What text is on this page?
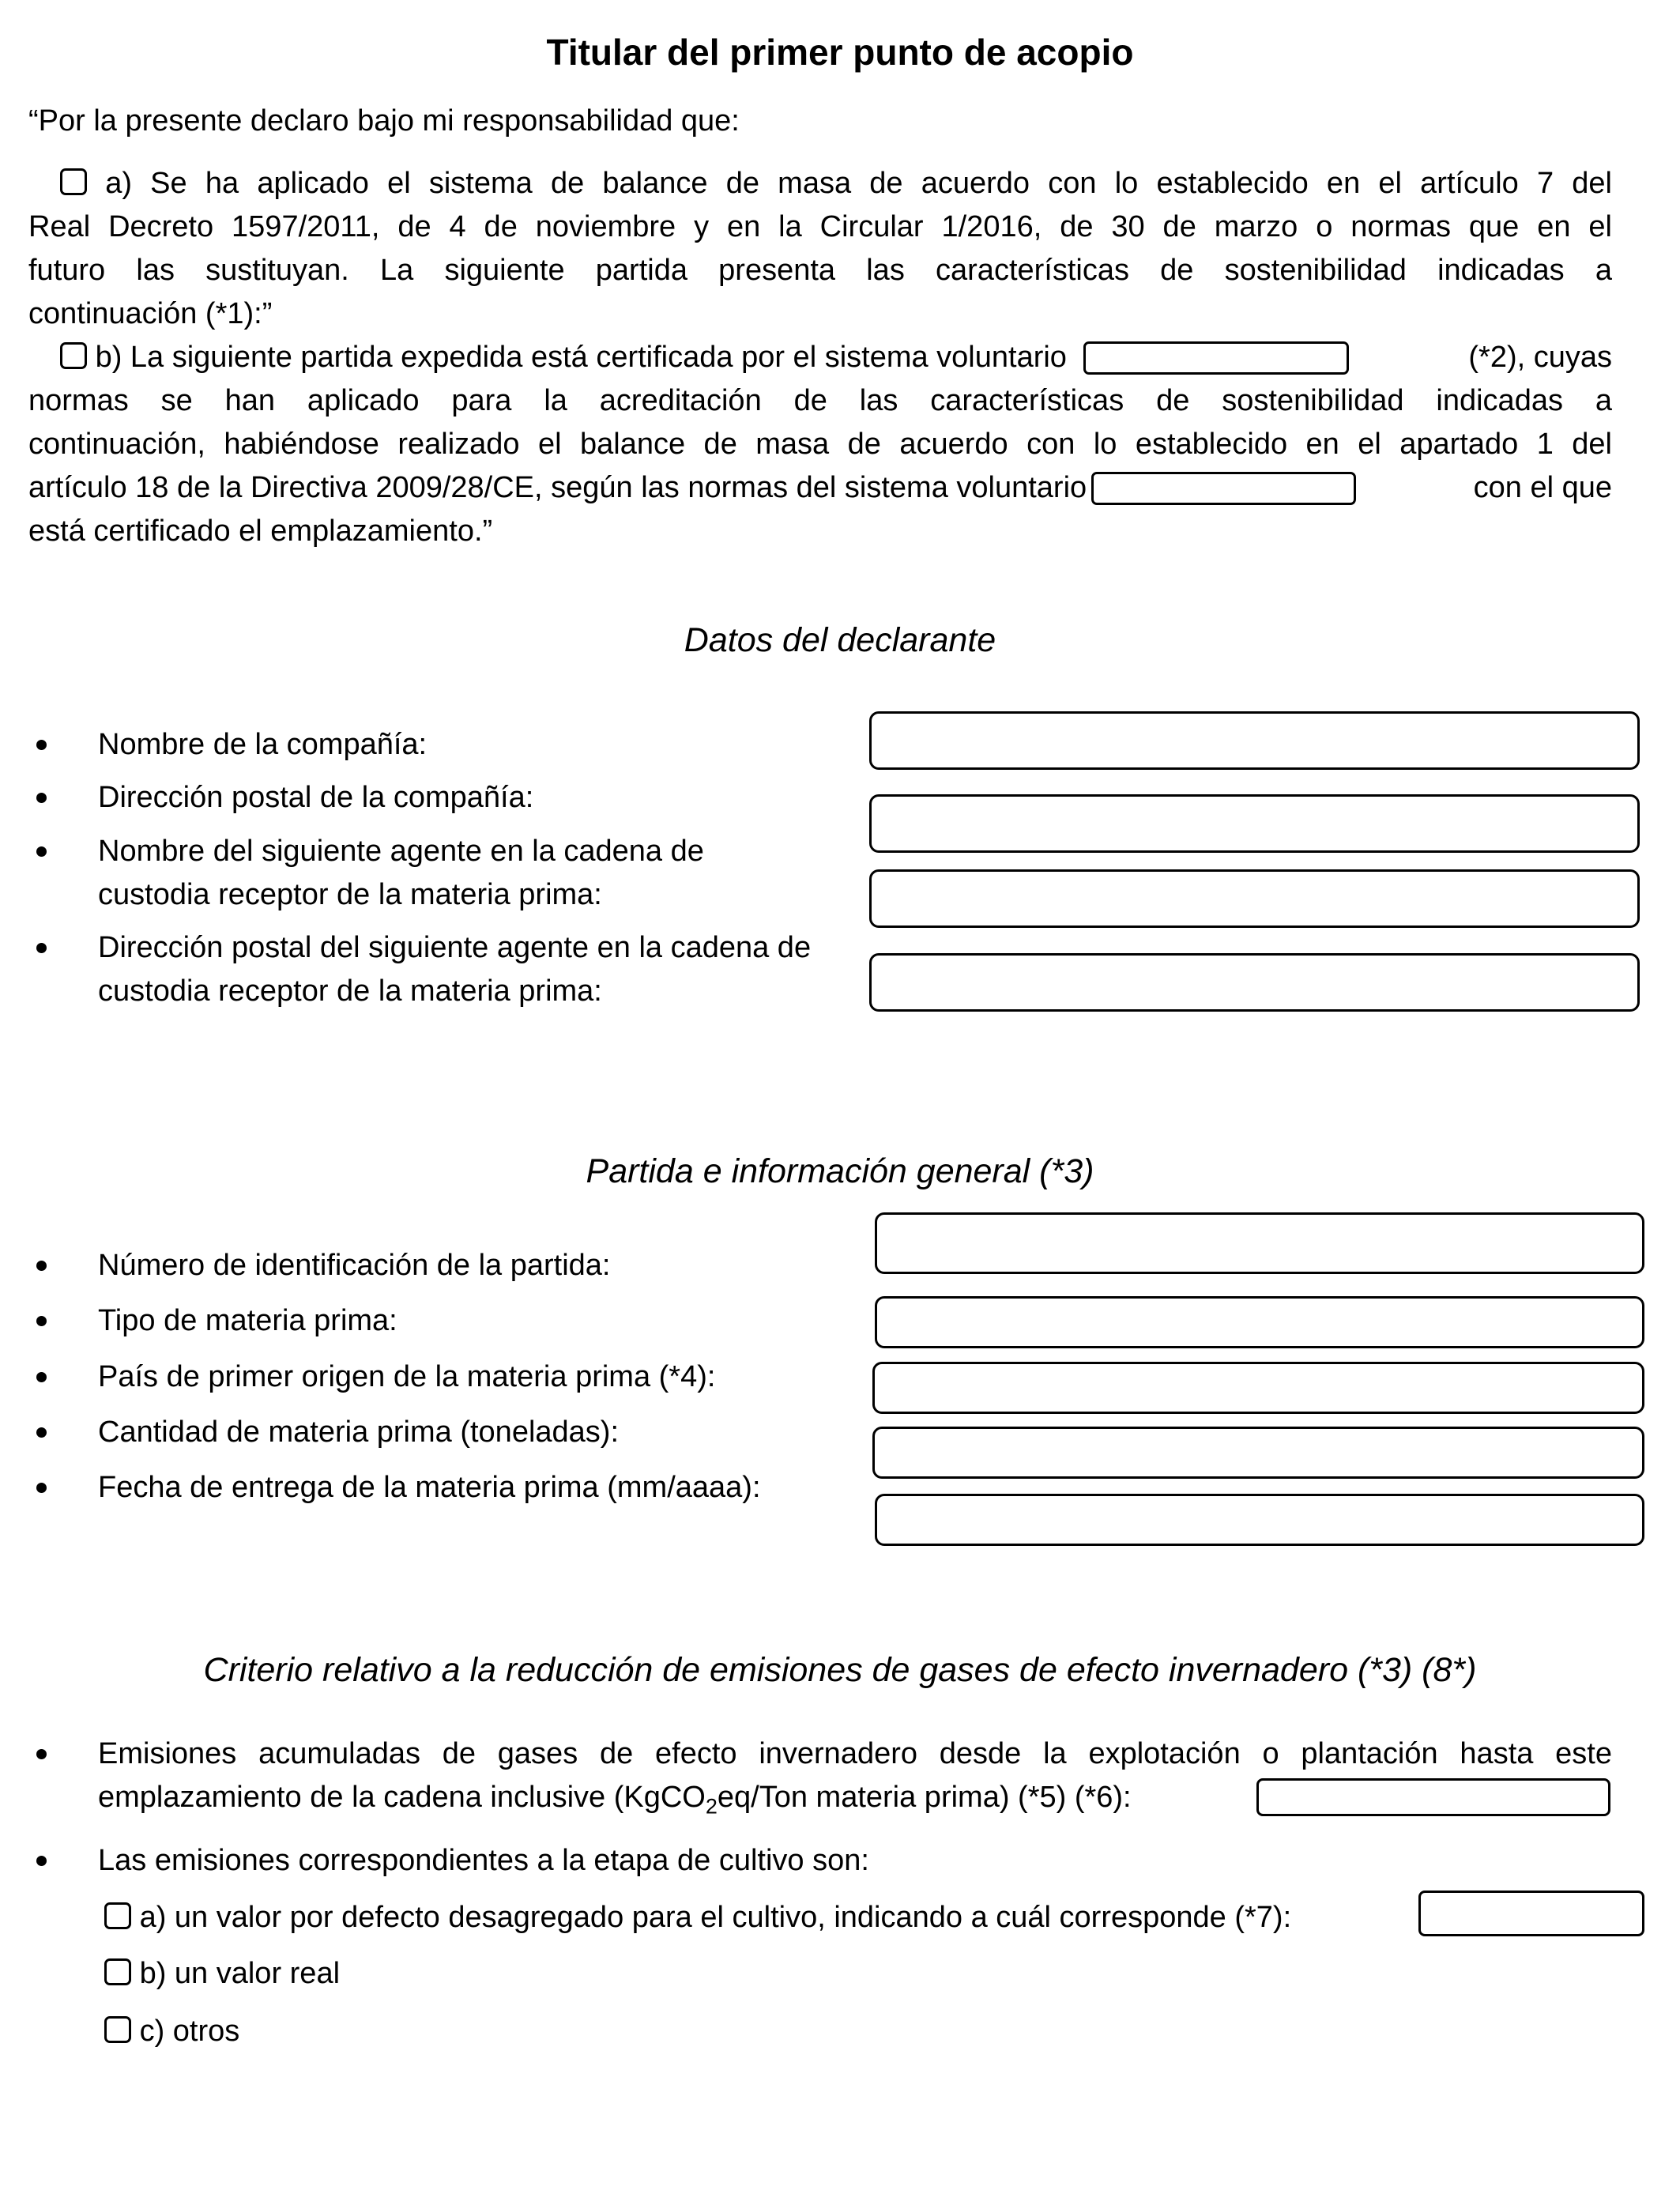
Titular del primer punto de acopio
“Por la presente declaro bajo mi responsabilidad que:

a) Se ha aplicado el sistema de balance de masa de acuerdo con lo establecido en el artículo 7 del

Real Decreto 1597/2011, de 4 de noviembre y en la Circular 1/2016, de 30 de marzo o normas que en el

futuro las sustituyan. La siguiente partida presenta las características de sostenibilidad indicadas a

continuación (*1):”

b) La siguiente partida expedida está certificada por el sistema voluntario	(*2), cuyas

normas se han aplicado para la acreditación de las características de sostenibilidad indicadas a

continuación, habiéndose realizado el balance de masa de acuerdo con lo establecido en el apartado 1 del

artículo 18 de la Directiva 2009/28/CE, según las normas del sistema voluntario	con el que

está certificado el emplazamiento.”

Datos del declarante
Nombre de la compañía:
Dirección postal de la compañía:
Nombre del siguiente agente en la cadena de custodia receptor de la materia prima:
Dirección postal del siguiente agente en la cadena de custodia receptor de la materia prima:
Partida e información general (*3)
Número de identificación de la partida:
Tipo de materia prima:
País de primer origen de la materia prima (*4):
Cantidad de materia prima (toneladas):
Fecha de entrega de la materia prima (mm/aaaa):
Criterio relativo a la reducción de emisiones de gases de efecto invernadero (*3) (8*)
Emisiones acumuladas de gases de efecto invernadero desde la explotación o plantación hasta este
emplazamiento de la cadena inclusive (KgCO$_2$eq/Ton materia prima) (*5) (*6):
Las emisiones correspondientes a la etapa de cultivo son:
a) un valor por defecto desagregado para el cultivo, indicando a cuál corresponde (*7):
b) un valor real
c) otros
